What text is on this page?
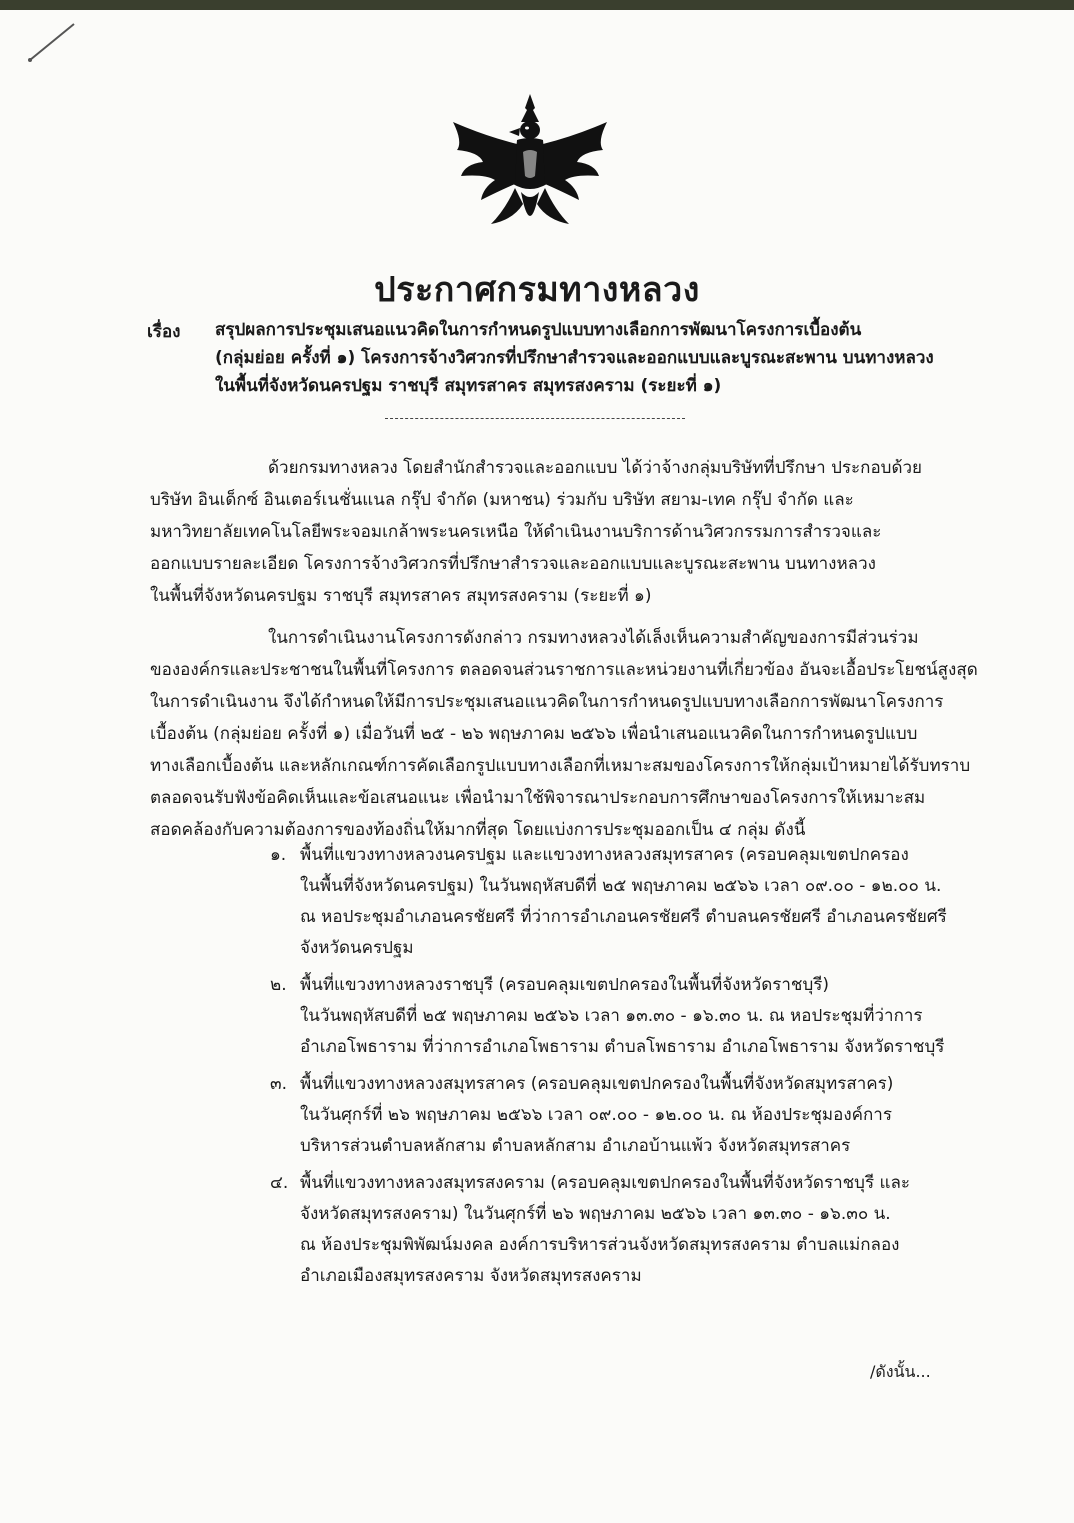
ประกาศกรมทางหลวง
เรื่อง สรุปผลการประชุมเสนอแนวคิดในการกำหนดรูปแบบทางเลือกการพัฒนาโครงการเบื้องต้น
(กลุ่มย่อย ครั้งที่ ๑) โครงการจ้างวิศวกรที่ปรึกษาสำรวจและออกแบบและบูรณะสะพาน บนทางหลวง
ในพื้นที่จังหวัดนครปฐม ราชบุรี สมุทรสาคร สมุทรสงคราม (ระยะที่ ๑)
ด้วยกรมทางหลวง โดยสำนักสำรวจและออกแบบ ได้ว่าจ้างกลุ่มบริษัทที่ปรึกษา ประกอบด้วย
บริษัท อินเด็กซ์ อินเตอร์เนชั่นแนล กรุ๊ป จำกัด (มหาชน) ร่วมกับ บริษัท สยาม-เทค กรุ๊ป จำกัด และ
มหาวิทยาลัยเทคโนโลยีพระจอมเกล้าพระนครเหนือ ให้ดำเนินงานบริการด้านวิศวกรรมการสำรวจและ
ออกแบบรายละเอียด โครงการจ้างวิศวกรที่ปรึกษาสำรวจและออกแบบและบูรณะสะพาน บนทางหลวง
ในพื้นที่จังหวัดนครปฐม ราชบุรี สมุทรสาคร สมุทรสงคราม (ระยะที่ ๑)
ในการดำเนินงานโครงการดังกล่าว กรมทางหลวงได้เล็งเห็นความสำคัญของการมีส่วนร่วม
ขององค์กรและประชาชนในพื้นที่โครงการ ตลอดจนส่วนราชการและหน่วยงานที่เกี่ยวข้อง อันจะเอื้อประโยชน์สูงสุด
ในการดำเนินงาน จึงได้กำหนดให้มีการประชุมเสนอแนวคิดในการกำหนดรูปแบบทางเลือกการพัฒนาโครงการ
เบื้องต้น (กลุ่มย่อย ครั้งที่ ๑) เมื่อวันที่ ๒๕ - ๒๖ พฤษภาคม ๒๕๖๖ เพื่อนำเสนอแนวคิดในการกำหนดรูปแบบ
ทางเลือกเบื้องต้น และหลักเกณฑ์การคัดเลือกรูปแบบทางเลือกที่เหมาะสมของโครงการให้กลุ่มเป้าหมายได้รับทราบ
ตลอดจนรับฟังข้อคิดเห็นและข้อเสนอแนะ เพื่อนำมาใช้พิจารณาประกอบการศึกษาของโครงการให้เหมาะสม
สอดคล้องกับความต้องการของท้องถิ่นให้มากที่สุด โดยแบ่งการประชุมออกเป็น ๔ กลุ่ม ดังนี้
๑. พื้นที่แขวงทางหลวงนครปฐม และแขวงทางหลวงสมุทรสาคร (ครอบคลุมเขตปกครอง
ในพื้นที่จังหวัดนครปฐม) ในวันพฤหัสบดีที่ ๒๕ พฤษภาคม ๒๕๖๖ เวลา ๐๙.๐๐ - ๑๒.๐๐ น.
ณ หอประชุมอำเภอนครชัยศรี ที่ว่าการอำเภอนครชัยศรี ตำบลนครชัยศรี อำเภอนครชัยศรี
จังหวัดนครปฐม
๒. พื้นที่แขวงทางหลวงราชบุรี (ครอบคลุมเขตปกครองในพื้นที่จังหวัดราชบุรี)
ในวันพฤหัสบดีที่ ๒๕ พฤษภาคม ๒๕๖๖ เวลา ๑๓.๓๐ - ๑๖.๓๐ น. ณ หอประชุมที่ว่าการ
อำเภอโพธาราม ที่ว่าการอำเภอโพธาราม ตำบลโพธาราม อำเภอโพธาราม จังหวัดราชบุรี
๓. พื้นที่แขวงทางหลวงสมุทรสาคร (ครอบคลุมเขตปกครองในพื้นที่จังหวัดสมุทรสาคร)
ในวันศุกร์ที่ ๒๖ พฤษภาคม ๒๕๖๖ เวลา ๐๙.๐๐ - ๑๒.๐๐ น. ณ ห้องประชุมองค์การ
บริหารส่วนตำบลหลักสาม ตำบลหลักสาม อำเภอบ้านแพ้ว จังหวัดสมุทรสาคร
๔. พื้นที่แขวงทางหลวงสมุทรสงคราม (ครอบคลุมเขตปกครองในพื้นที่จังหวัดราชบุรี และ
จังหวัดสมุทรสงคราม) ในวันศุกร์ที่ ๒๖ พฤษภาคม ๒๕๖๖ เวลา ๑๓.๓๐ - ๑๖.๓๐ น.
ณ ห้องประชุมพิพัฒน์มงคล องค์การบริหารส่วนจังหวัดสมุทรสงคราม ตำบลแม่กลอง
อำเภอเมืองสมุทรสงคราม จังหวัดสมุทรสงคราม
/ดังนั้น...
